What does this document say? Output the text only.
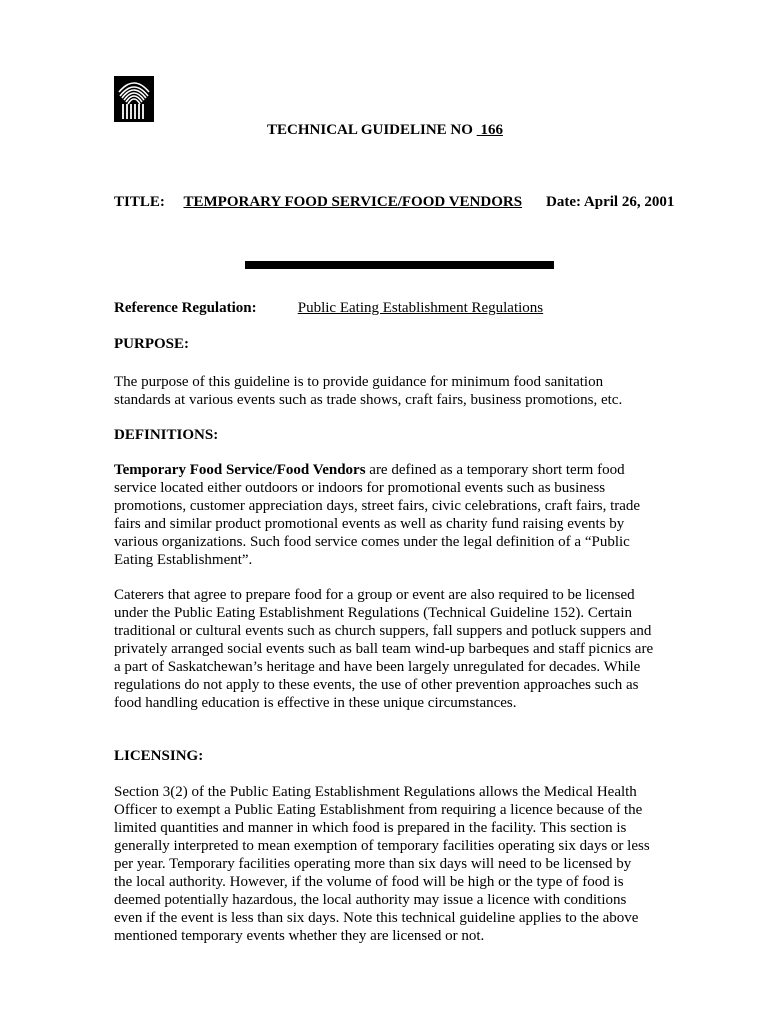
TECHNICAL GUIDELINE NO 166
TITLE: TEMPORARY FOOD SERVICE/FOOD VENDORS Date: April 26, 2001
Reference Regulation:	Public Eating Establishment Regulations
PURPOSE:
The purpose of this guideline is to provide guidance for minimum food sanitation
standards at various events such as trade shows, craft fairs, business promotions, etc.
DEFINITIONS:
Temporary Food Service/Food Vendors are defined as a temporary short term food
service located either outdoors or indoors for promotional events such as business
promotions, customer appreciation days, street fairs, civic celebrations, craft fairs, trade
fairs and similar product promotional events as well as charity fund raising events by
various organizations. Such food service comes under the legal definition of a “Public
Eating Establishment”.
Caterers that agree to prepare food for a group or event are also required to be licensed
under the Public Eating Establishment Regulations (Technical Guideline 152). Certain
traditional or cultural events such as church suppers, fall suppers and potluck suppers and
privately arranged social events such as ball team wind-up barbeques and staff picnics are
a part of Saskatchewan’s heritage and have been largely unregulated for decades. While
regulations do not apply to these events, the use of other prevention approaches such as
food handling education is effective in these unique circumstances.
LICENSING:
Section 3(2) of the Public Eating Establishment Regulations allows the Medical Health
Officer to exempt a Public Eating Establishment from requiring a licence because of the
limited quantities and manner in which food is prepared in the facility. This section is
generally interpreted to mean exemption of temporary facilities operating six days or less
per year. Temporary facilities operating more than six days will need to be licensed by
the local authority. However, if the volume of food will be high or the type of food is
deemed potentially hazardous, the local authority may issue a licence with conditions
even if the event is less than six days. Note this technical guideline applies to the above
mentioned temporary events whether they are licensed or not.
